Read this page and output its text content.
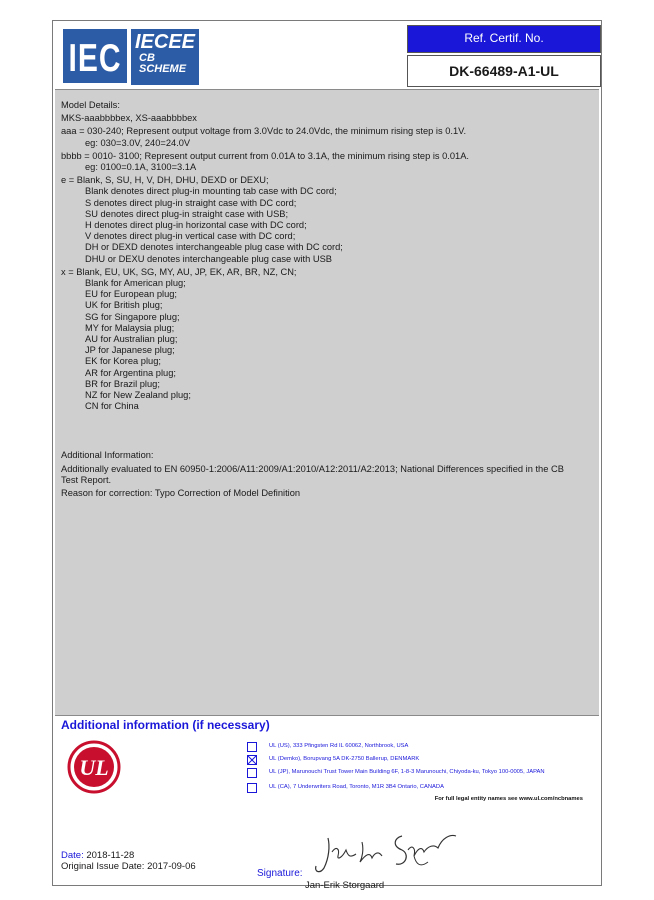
IEC IECEE
CB
SCHEME
Ref. Certif. No.
DK-66489-A1-UL

Model Details:

MKS-aaabbbbex, XS-aaabbbbex

aaa = 030-240; Represent output voltage from 3.0Vdc to 24.0Vdc, the minimum rising step is 0.1V.

eg: 030=3.0V, 240=24.0V

bbbb = 0010- 3100; Represent output current from 0.01A to 3.1A, the minimum rising step is 0.01A.

eg: 0100=0.1A, 3100=3.1A

e = Blank, S, SU, H, V, DH, DHU, DEXD or DEXU;

Blank denotes direct plug-in mounting tab case with DC cord;

S denotes direct plug-in straight case with DC cord;

SU denotes direct plug-in straight case with USB;

H denotes direct plug-in horizontal case with DC cord;

V denotes direct plug-in vertical case with DC cord;

DH or DEXD denotes interchangeable plug case with DC cord;

DHU or DEXU denotes interchangeable plug case with USB

x = Blank, EU, UK, SG, MY, AU, JP, EK, AR, BR, NZ, CN;

Blank for American plug;

EU for European plug;

UK for British plug;

SG for Singapore plug;

MY for Malaysia plug;

AU for Australian plug;

JP for Japanese plug;

EK for Korea plug;

AR for Argentina plug;

BR for Brazil plug;

NZ for New Zealand plug;

CN for China

Additional Information:

Additionally evaluated to EN 60950-1:2006/A11:2009/A1:2010/A12:2011/A2:2013; National Differences specified in the CB Test Report.

Reason for correction: Typo Correction of Model Definition

Additional information (if necessary)
UL
UL (US), 333 Pfingsten Rd IL 60062, Northbrook, USA
UL (Demko), Borupvang 5A DK-2750 Ballerup, DENMARK
UL (JP), Marunouchi Trust Tower Main Building 6F, 1-8-3 Marunouchi, Chiyoda-ku, Tokyo 100-0005, JAPAN
UL (CA), 7 Underwriters Road, Toronto, M1R 3B4 Ontario, CANADA
For full legal entity names see www.ul.com/ncbnames
Date: 2018-11-28
Original Issue Date: 2017-09-06
Signature:
Jan-Erik Storgaard
